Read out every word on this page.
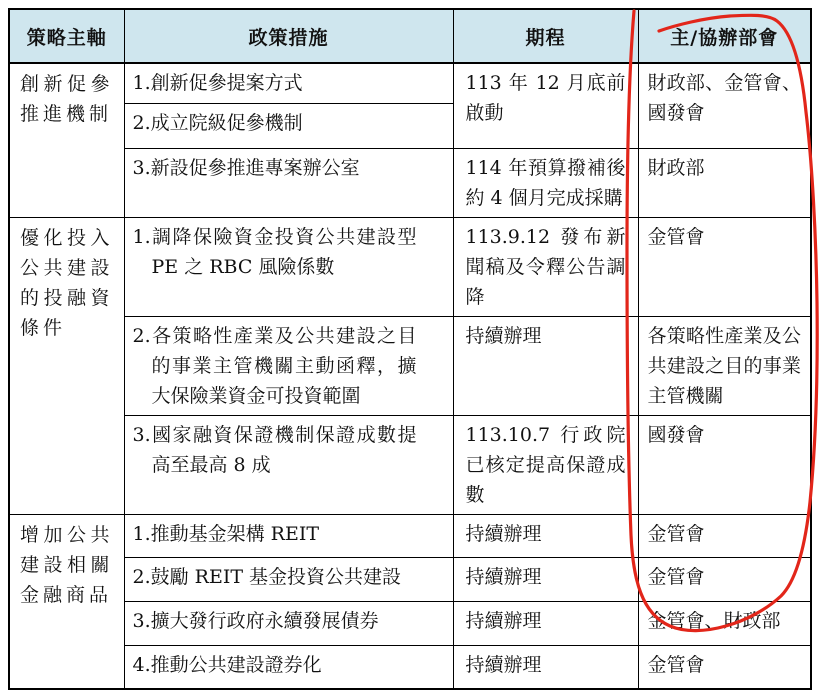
策略主軸	政策措施	期程	主/協辦部會
創新促參推進機制	1.創新促參提案方式	113 年 12 月底前啟動	財政部、金管會、國發會
	2.成立院級促參機制		
	3.新設促參推進專案辦公室	114 年預算撥補後約 4 個月完成採購	財政部
優化投入公共建設的投融資條件	1.調降保險資金投資公共建設型 PE 之 RBC 風險係數	113.9.12 發布新聞稿及令釋公告調降	金管會
	2.各策略性產業及公共建設之目的事業主管機關主動函釋，擴大保險業資金可投資範圍	持續辦理	各策略性產業及公共建設之目的事業主管機關
	3.國家融資保證機制保證成數提高至最高 8 成	113.10.7 行政院已核定提高保證成數	國發會
增加公共建設相關金融商品	1.推動基金架構 REIT	持續辦理	金管會
	2.鼓勵 REIT 基金投資公共建設	持續辦理	金管會
	3.擴大發行政府永續發展債券	持續辦理	金管會、財政部
	4.推動公共建設證券化	持續辦理	金管會
